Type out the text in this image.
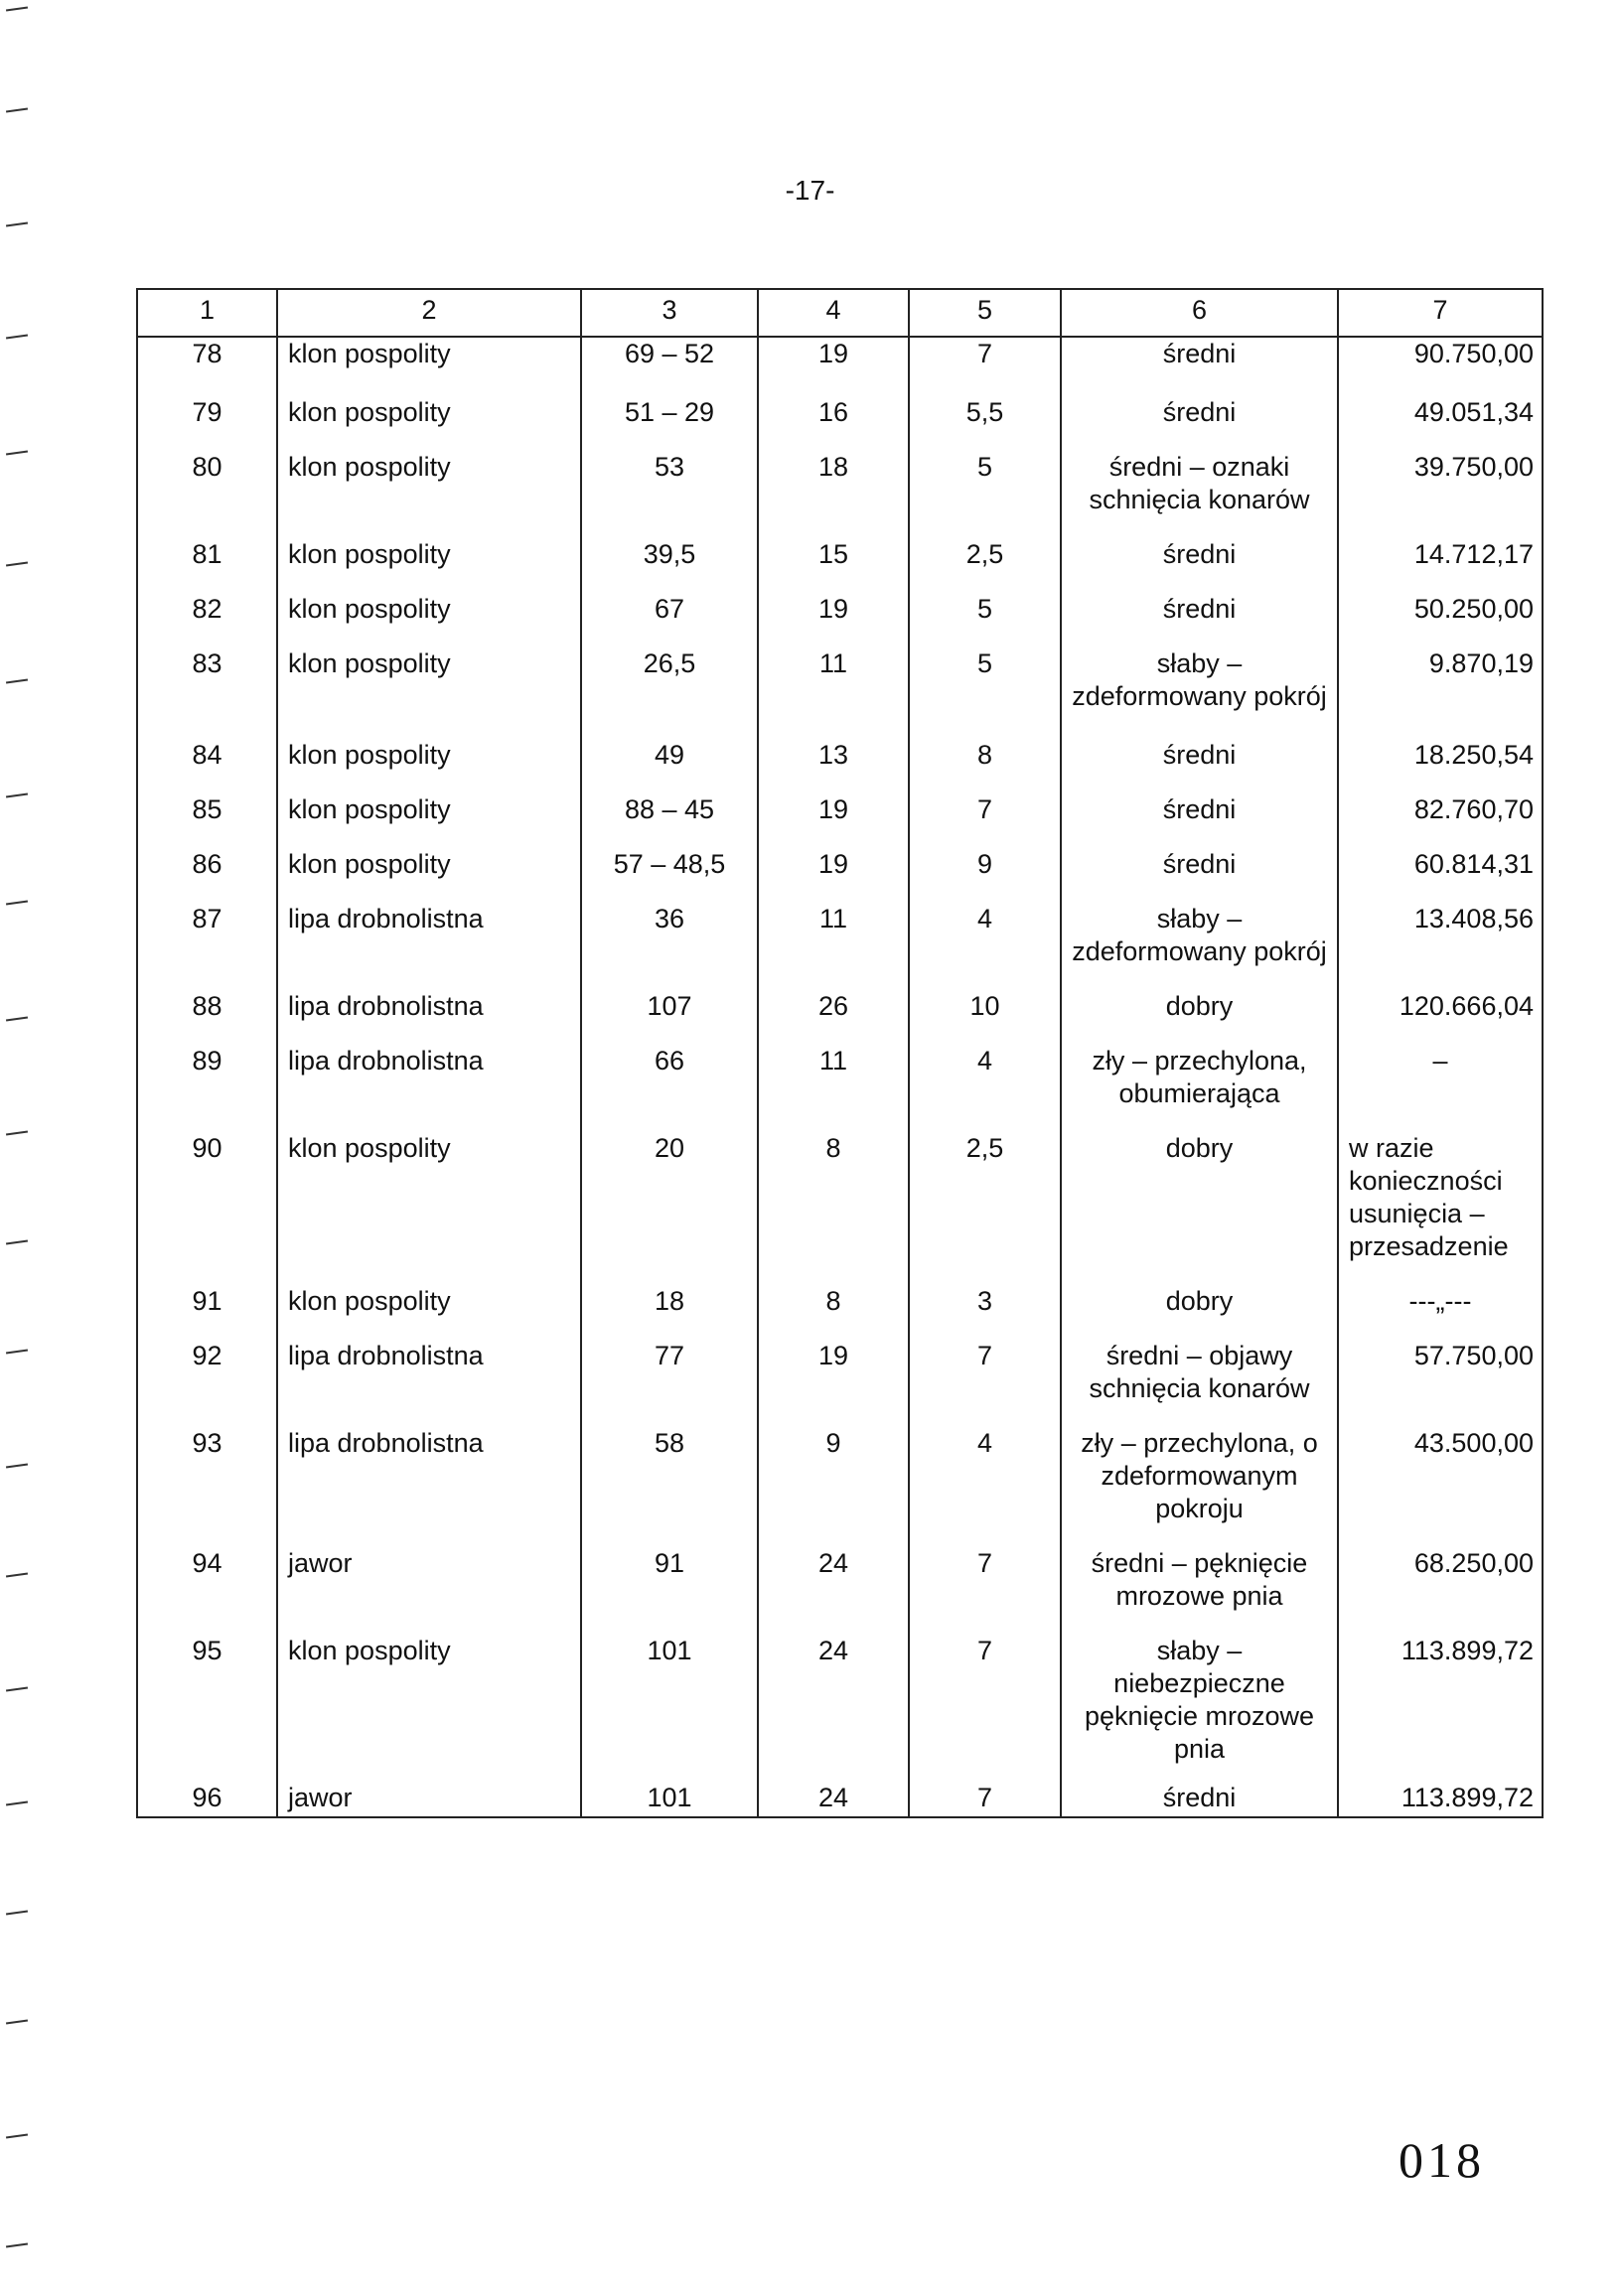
-17-
1	2	3	4	5	6	7
78	klon pospolity	69 – 52	19	7	średni	90.750,00
79	klon pospolity	51 – 29	16	5,5	średni	49.051,34
80	klon pospolity	53	18	5	średni – oznaki schnięcia konarów	39.750,00
81	klon pospolity	39,5	15	2,5	średni	14.712,17
82	klon pospolity	67	19	5	średni	50.250,00
83	klon pospolity	26,5	11	5	słaby – zdeformowany pokrój	9.870,19
84	klon pospolity	49	13	8	średni	18.250,54
85	klon pospolity	88 – 45	19	7	średni	82.760,70
86	klon pospolity	57 – 48,5	19	9	średni	60.814,31
87	lipa drobnolistna	36	11	4	słaby – zdeformowany pokrój	13.408,56
88	lipa drobnolistna	107	26	10	dobry	120.666,04
89	lipa drobnolistna	66	11	4	zły – przechylona, obumierająca	–
90	klon pospolity	20	8	2,5	dobry	w razie konieczności usunięcia – przesadzenie
91	klon pospolity	18	8	3	dobry	---„---
92	lipa drobnolistna	77	19	7	średni – objawy schnięcia konarów	57.750,00
93	lipa drobnolistna	58	9	4	zły – przechylona, o zdeformowanym pokroju	43.500,00
94	jawor	91	24	7	średni – pęknięcie mrozowe pnia	68.250,00
95	klon pospolity	101	24	7	słaby – niebezpieczne pęknięcie mrozowe pnia	113.899,72
96	jawor	101	24	7	średni	113.899,72
018
